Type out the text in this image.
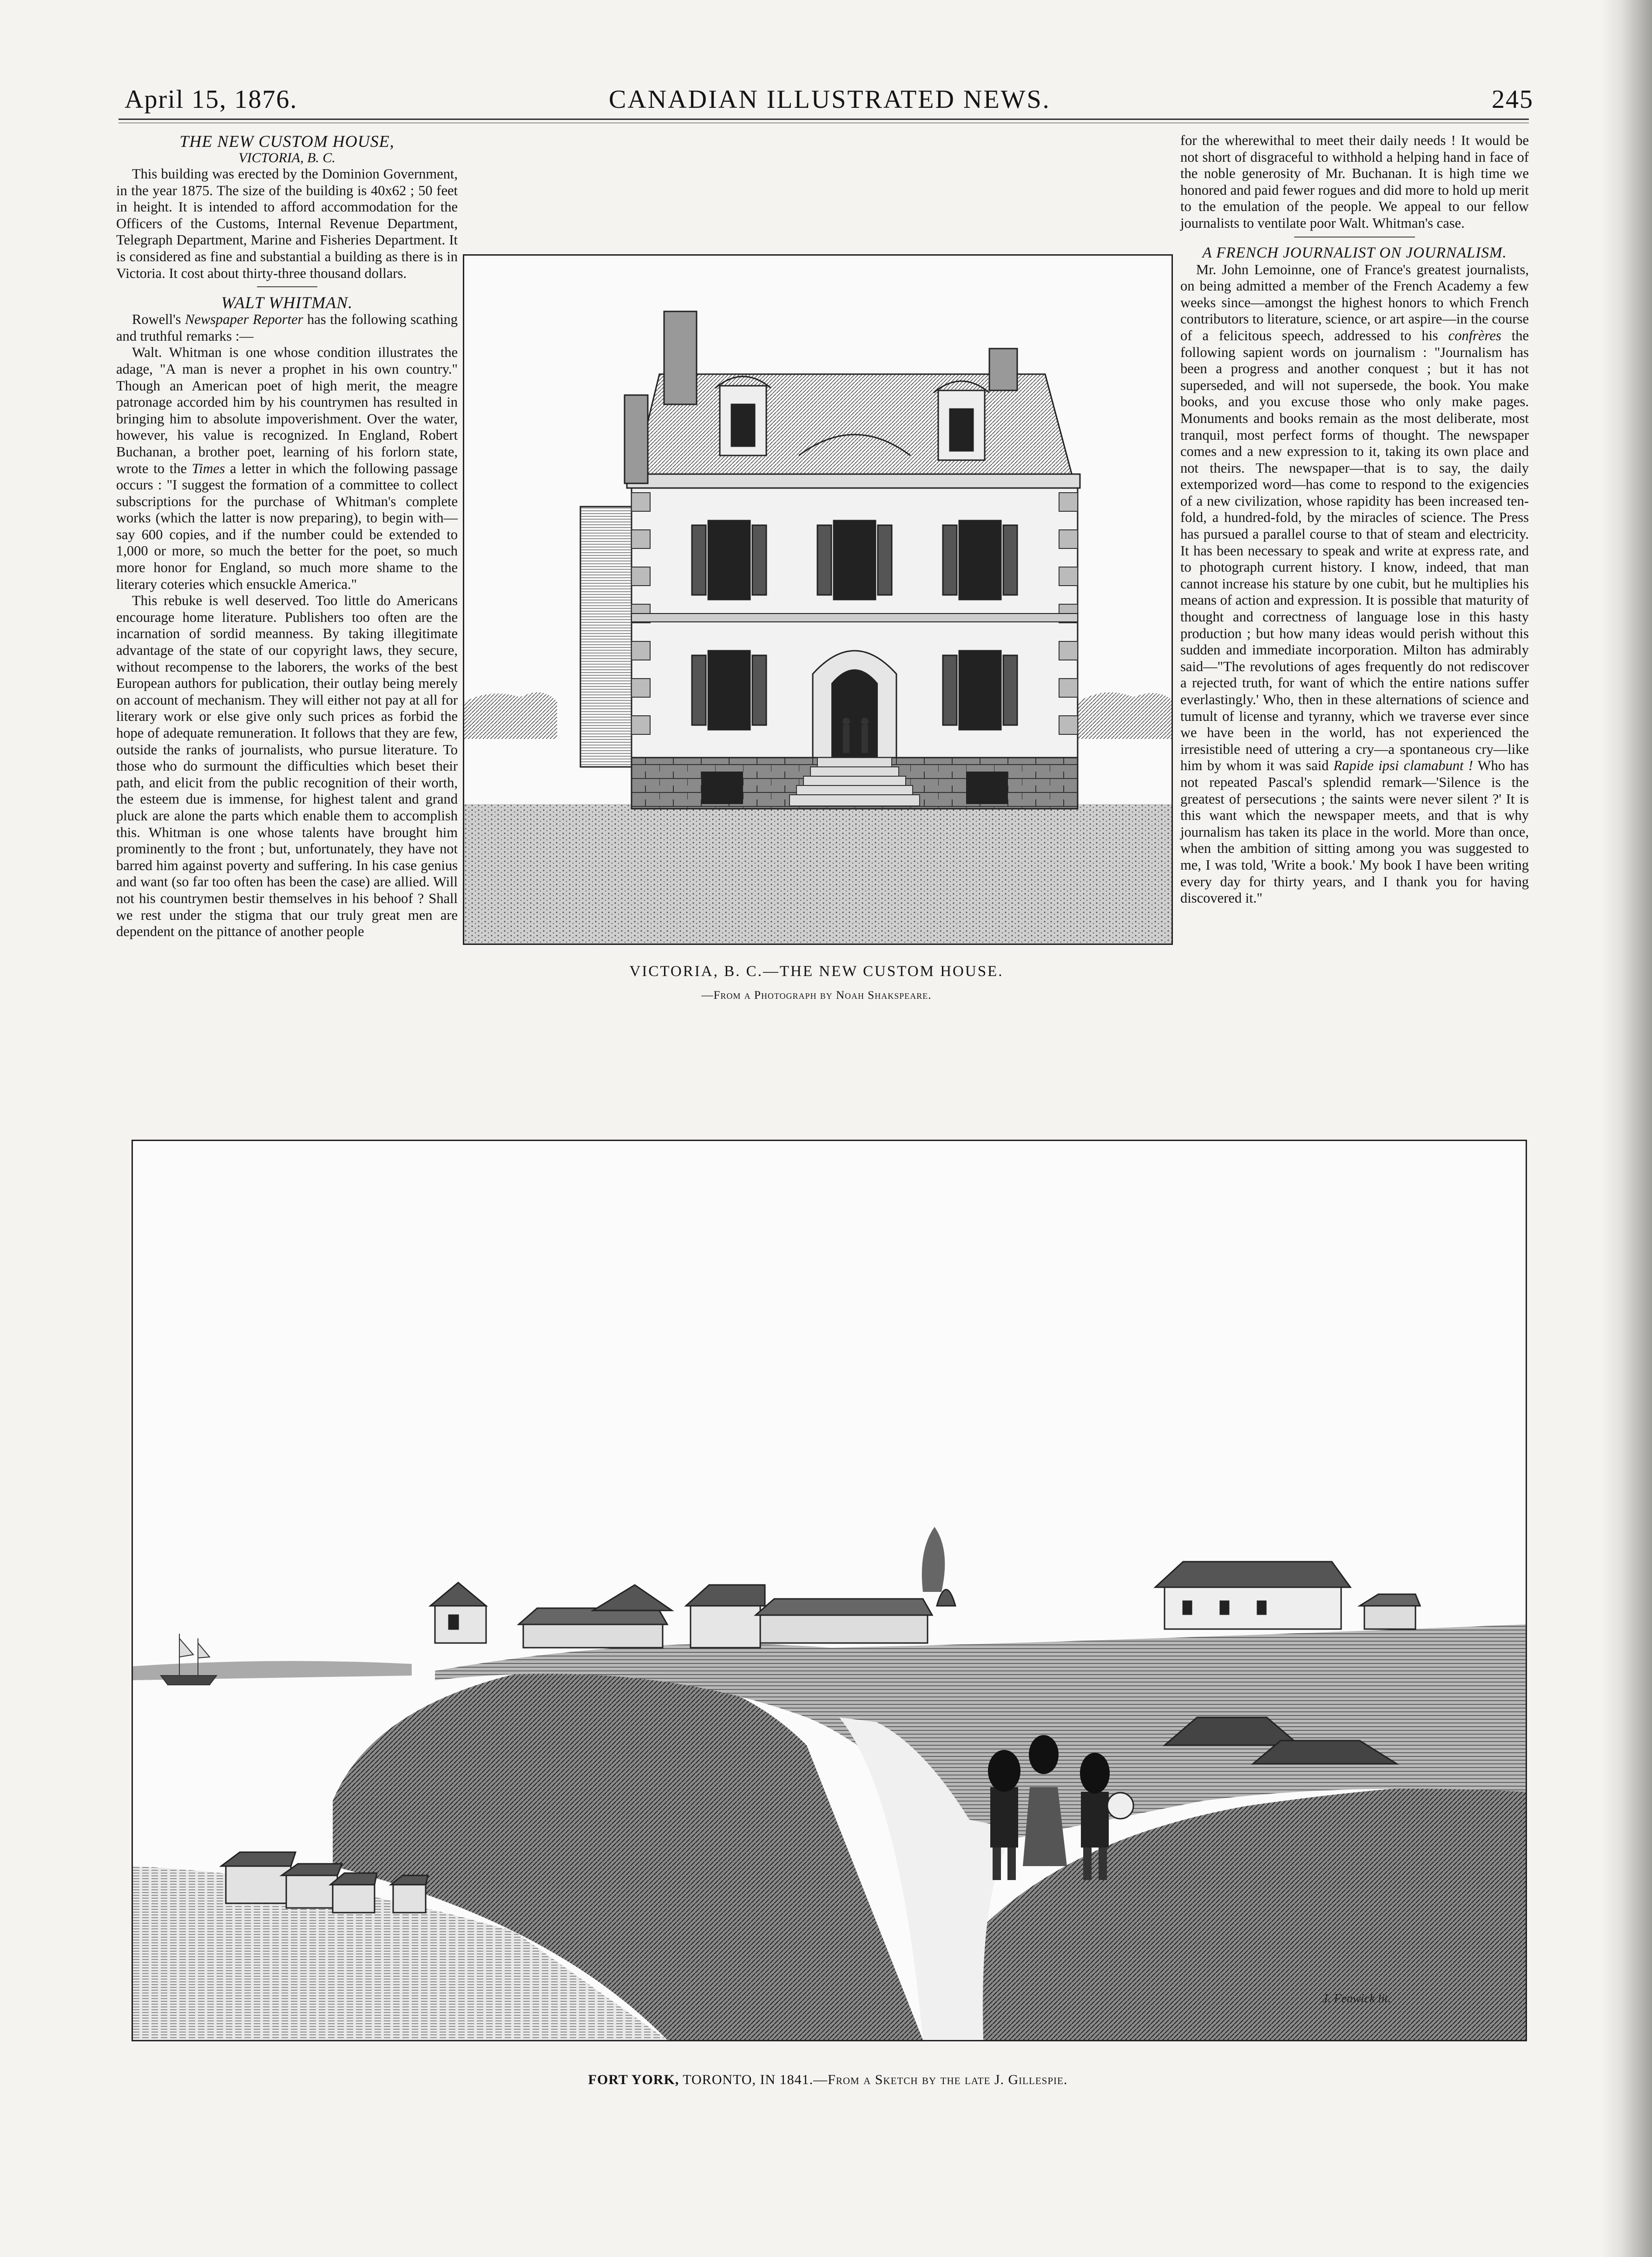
April 15, 1876.	CANADIAN ILLUSTRATED NEWS.	245
THE NEW CUSTOM HOUSE,
VICTORIA, B. C.

This building was erected by the Dominion Government, in the year 1875. The size of the building is 40x62 ; 50 feet in height. It is intended to afford accommodation for the Officers of the Customs, Internal Revenue Department, Telegraph Department, Marine and Fisheries Department. It is considered as fine and substantial a building as there is in Victoria. It cost about thirty-three thousand dollars.

WALT WHITMAN.

Rowell's Newspaper Reporter has the following scathing and truthful remarks :—

Walt. Whitman is one whose condition illustrates the adage, "A man is never a prophet in his own country." Though an American poet of high merit, the meagre patronage accorded him by his countrymen has resulted in bringing him to absolute impoverishment. Over the water, however, his value is recognized. In England, Robert Buchanan, a brother poet, learning of his forlorn state, wrote to the Times a letter in which the following passage occurs : "I suggest the formation of a committee to collect subscriptions for the purchase of Whitman's complete works (which the latter is now preparing), to begin with—say 600 copies, and if the number could be extended to 1,000 or more, so much the better for the poet, so much more honor for England, so much more shame to the literary coteries which ensuckle America."

This rebuke is well deserved. Too little do Americans encourage home literature. Publishers too often are the incarnation of sordid meanness. By taking illegitimate advantage of the state of our copyright laws, they secure, without recompense to the laborers, the works of the best European authors for publication, their outlay being merely on account of mechanism. They will either not pay at all for literary work or else give only such prices as forbid the hope of adequate remuneration. It follows that they are few, outside the ranks of journalists, who pursue literature. To those who do surmount the difficulties which beset their path, and elicit from the public recognition of their worth, the esteem due is immense, for highest talent and grand pluck are alone the parts which enable them to accomplish this. Whitman is one whose talents have brought him prominently to the front ; but, unfortunately, they have not barred him against poverty and suffering. In his case genius and want (so far too often has been the case) are allied. Will not his countrymen bestir themselves in his behoof ? Shall we rest under the stigma that our truly great men are dependent on the pittance of another people

for the wherewithal to meet their daily needs ! It would be not short of disgraceful to withhold a helping hand in face of the noble generosity of Mr. Buchanan. It is high time we honored and paid fewer rogues and did more to hold up merit to the emulation of the people. We appeal to our fellow journalists to ventilate poor Walt. Whitman's case.

A FRENCH JOURNALIST ON JOURNALISM.

Mr. John Lemoinne, one of France's greatest journalists, on being admitted a member of the French Academy a few weeks since—amongst the highest honors to which French contributors to literature, science, or art aspire—in the course of a felicitous speech, addressed to his confrères the following sapient words on journalism : "Journalism has been a progress and another conquest ; but it has not superseded, and will not supersede, the book. You make books, and you excuse those who only make pages. Monuments and books remain as the most deliberate, most tranquil, most perfect forms of thought. The newspaper comes and a new expression to it, taking its own place and not theirs. The newspaper—that is to say, the daily extemporized word—has come to respond to the exigencies of a new civilization, whose rapidity has been increased ten-fold, a hundred-fold, by the miracles of science. The Press has pursued a parallel course to that of steam and electricity. It has been necessary to speak and write at express rate, and to photograph current history. I know, indeed, that man cannot increase his stature by one cubit, but he multiplies his means of action and expression. It is possible that maturity of thought and correctness of language lose in this hasty production ; but how many ideas would perish without this sudden and immediate incorporation. Milton has admirably said—"The revolutions of ages frequently do not rediscover a rejected truth, for want of which the entire nations suffer everlastingly.' Who, then in these alternations of science and tumult of license and tyranny, which we traverse ever since we have been in the world, has not experienced the irresistible need of uttering a cry—a spontaneous cry—like him by whom it was said Rapide ipsi clamabunt ! Who has not repeated Pascal's splendid remark—'Silence is the greatest of persecutions ; the saints were never silent ?' It is this want which the newspaper meets, and that is why journalism has taken its place in the world. More than once, when the ambition of sitting among you was suggested to me, I was told, 'Write a book.' My book I have been writing every day for thirty years, and I thank you for having discovered it."

VICTORIA, B. C.—THE NEW CUSTOM HOUSE.
—From a Photograph by Noah Shakspeare.
J. Fenwick lit.
FORT YORK, TORONTO, IN 1841.—From a Sketch by the late J. Gillespie.
